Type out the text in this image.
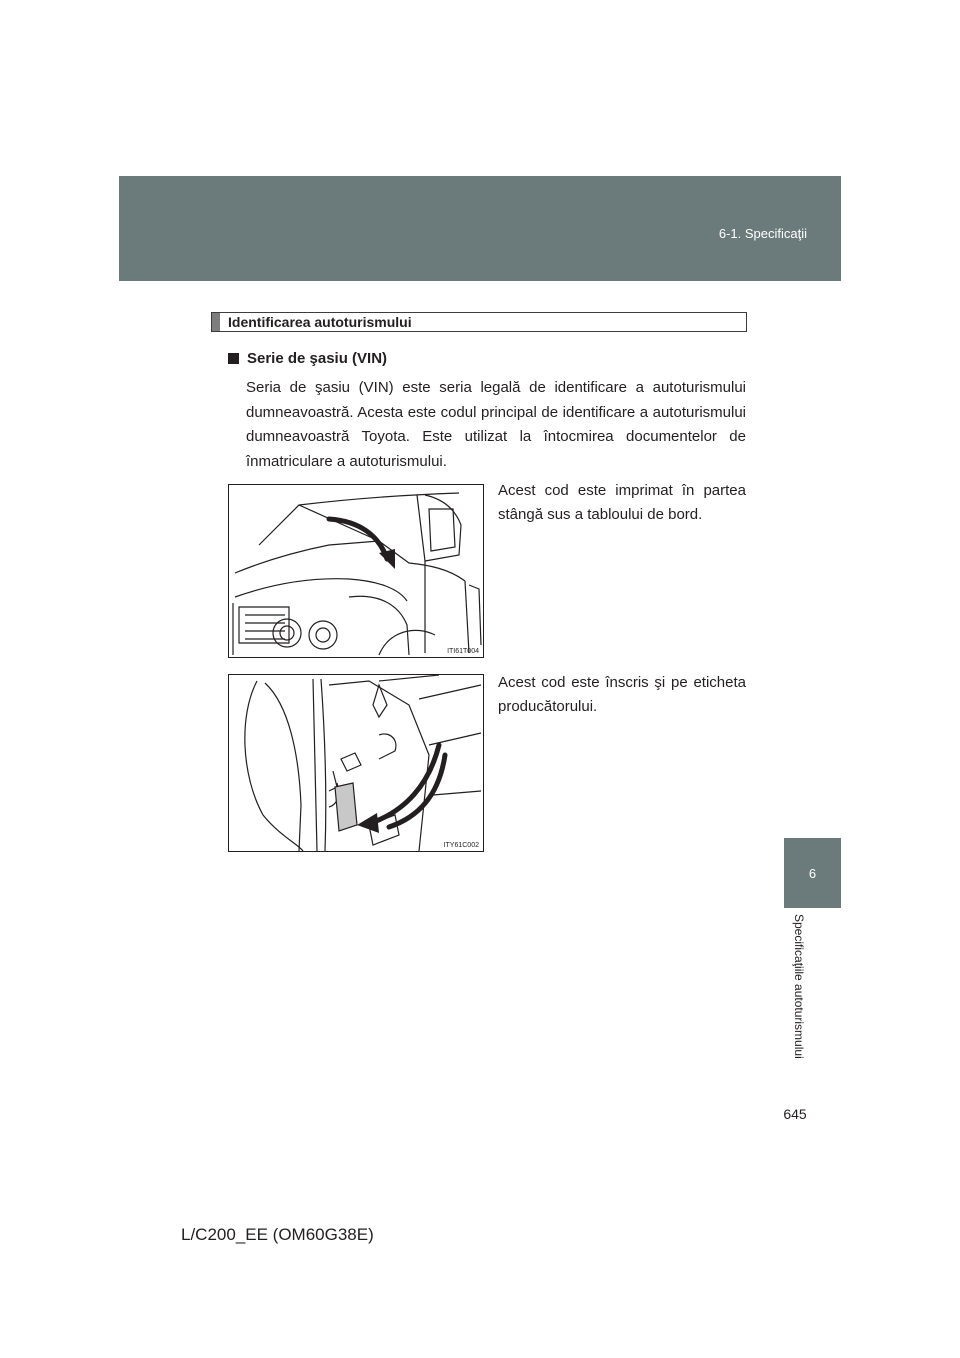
6-1. Specificaţii
6
Specificaţiile autoturismului
Identificarea autoturismului
Serie de şasiu (VIN)
Seria de şasiu (VIN) este seria legală de identificare a autoturismului dumneavoastră. Acesta este codul principal de identificare a autoturismului dumneavoastră Toyota. Este utilizat la întocmirea documentelor de înmatriculare a autoturismului.
ITI61T004
Acest cod este imprimat în partea stângă sus a tabloului de bord.
ITY61C002
Acest cod este înscris şi pe eticheta producătorului.
645
L/C200_EE (OM60G38E)
